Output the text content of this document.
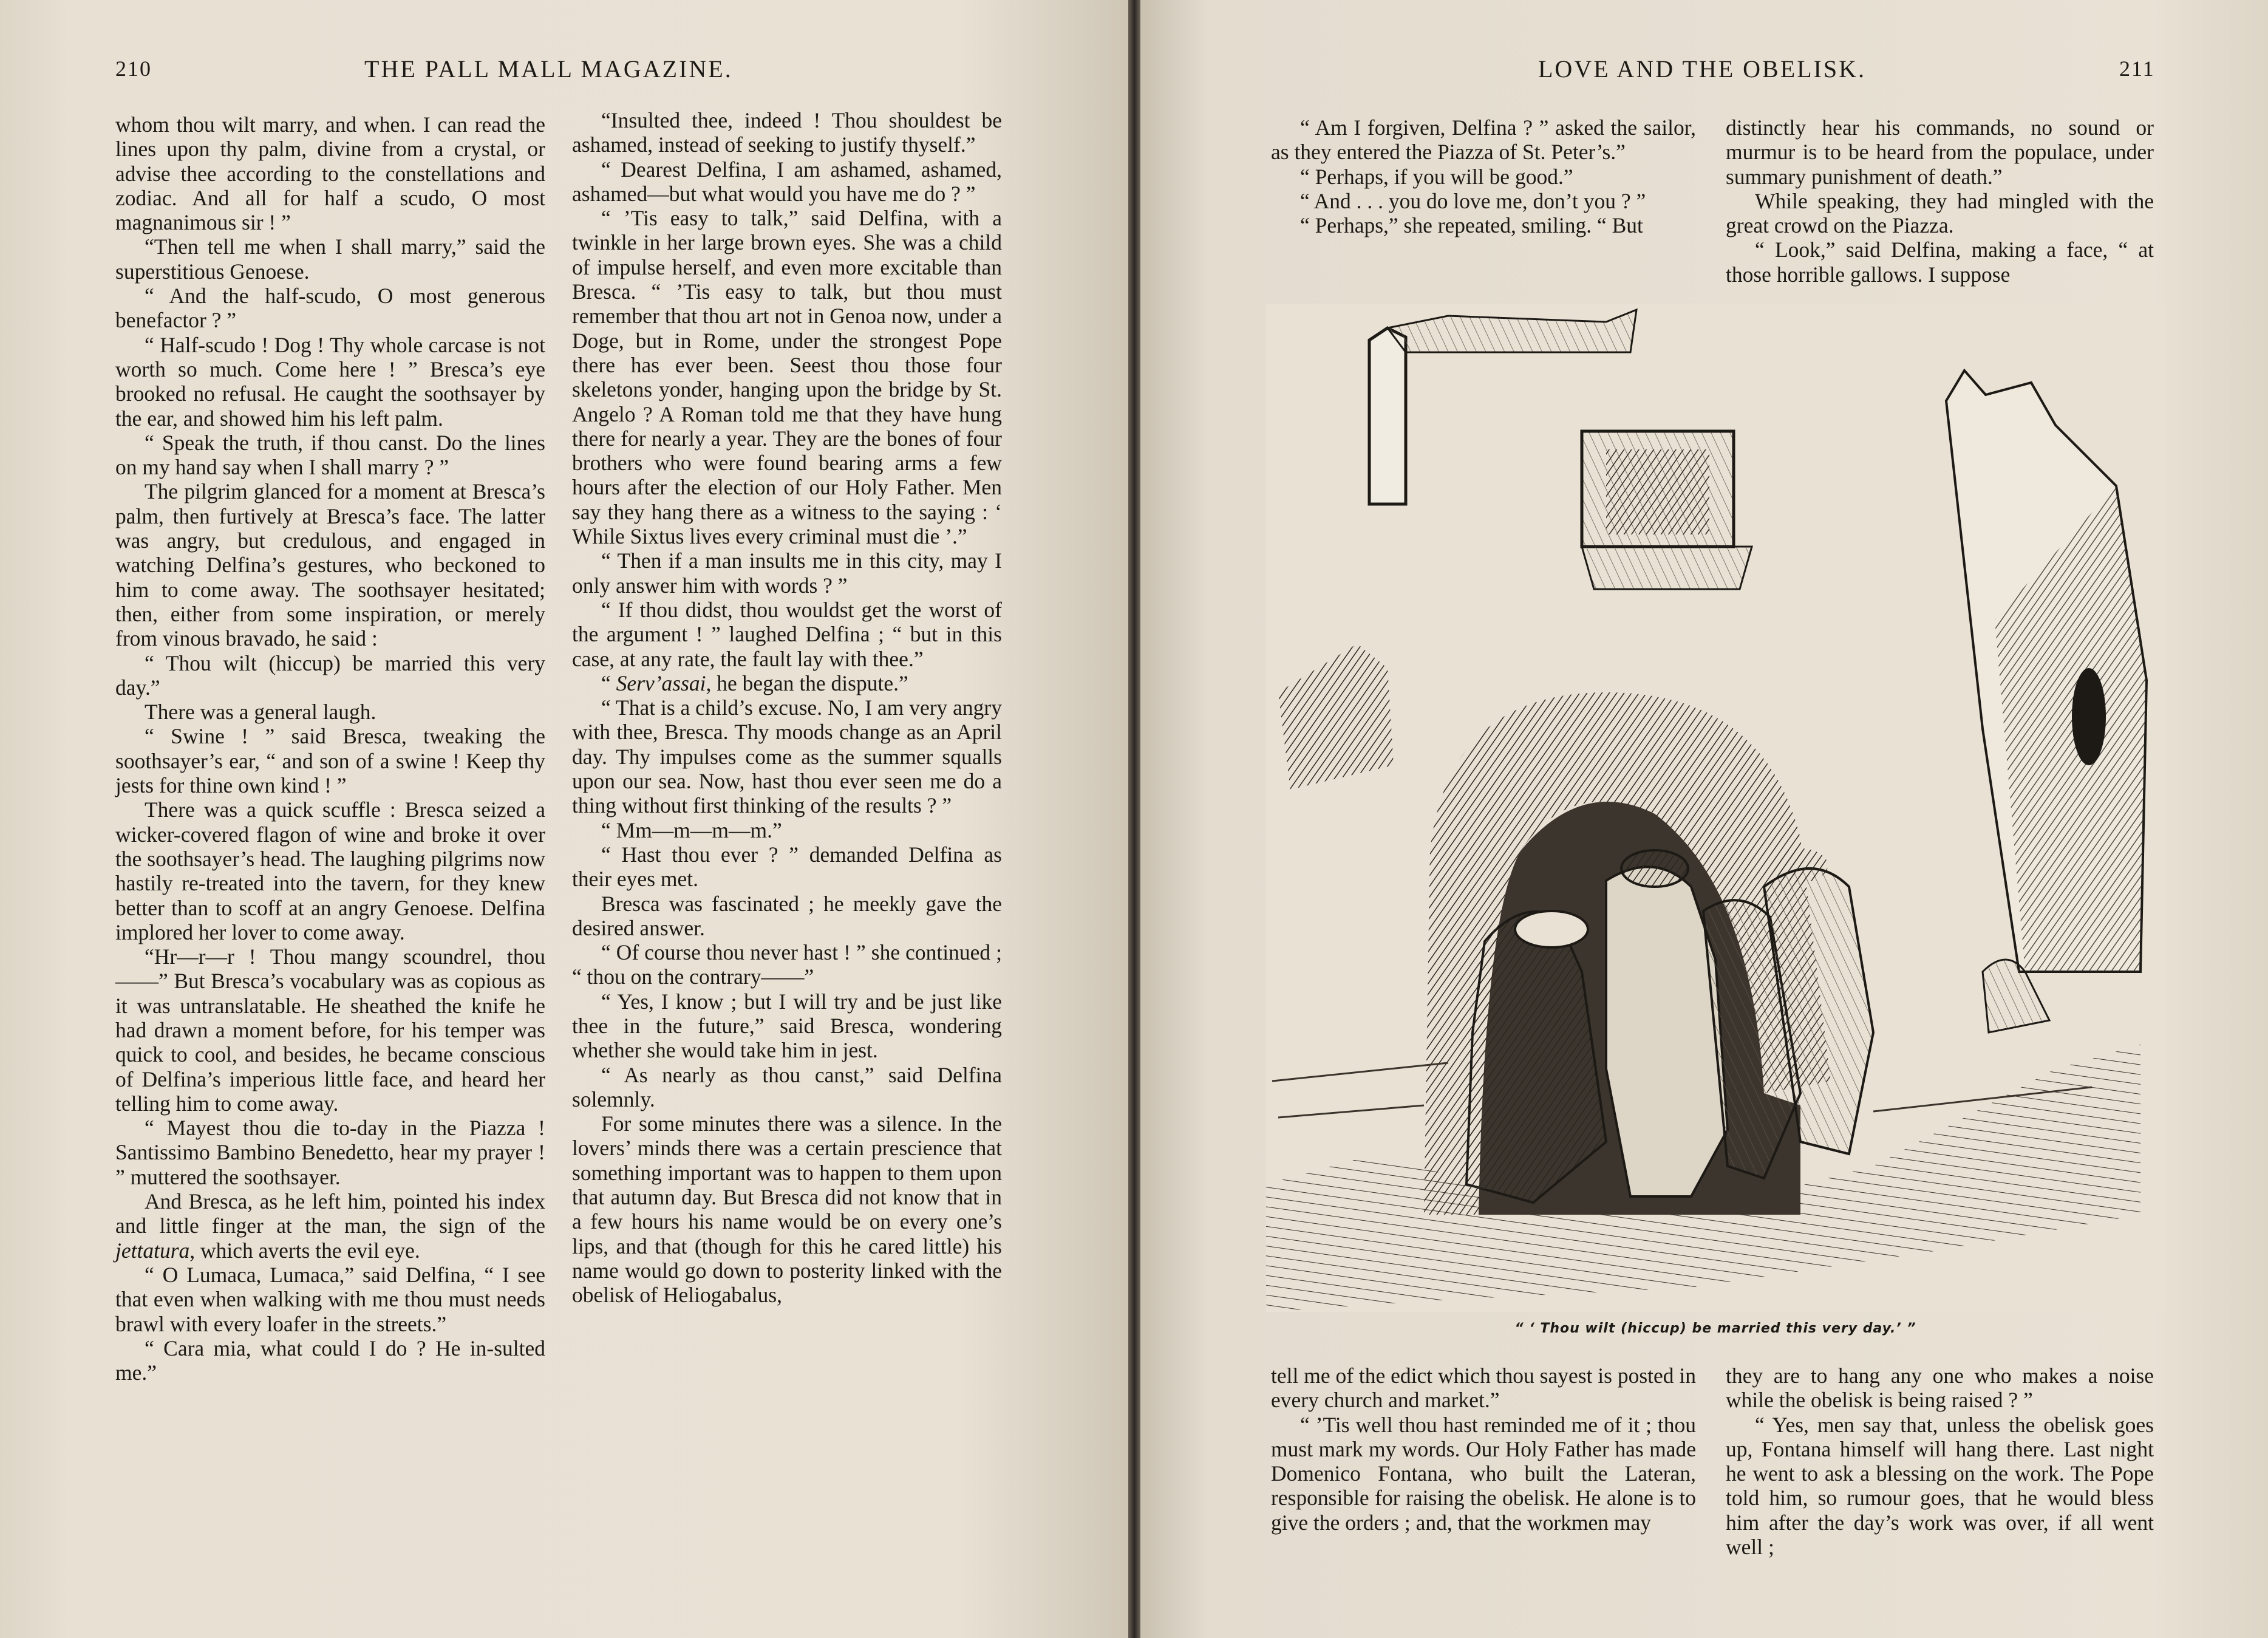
210	THE PALL MALL MAGAZINE.

whom thou wilt marry, and when. I can read the lines upon thy palm, divine from a crystal, or advise thee according to the constellations and zodiac. And all for half a scudo, O most magnanimous sir ! ”

“Then tell me when I shall marry,” said the superstitious Genoese.

“ And the half-scudo, O most generous benefactor ? ”

“ Half-scudo ! Dog ! Thy whole carcase is not worth so much. Come here ! ” Bresca’s eye brooked no refusal. He caught the soothsayer by the ear, and showed him his left palm.

“ Speak the truth, if thou canst. Do the lines on my hand say when I shall marry ? ”

The pilgrim glanced for a moment at Bresca’s palm, then furtively at Bresca’s face. The latter was angry, but credulous, and engaged in watching Delfina’s gestures, who beckoned to him to come away. The soothsayer hesitated; then, either from some inspiration, or merely from vinous bravado, he said :

“ Thou wilt (hiccup) be married this very day.”

There was a general laugh.

“ Swine ! ” said Bresca, tweaking the soothsayer’s ear, “ and son of a swine ! Keep thy jests for thine own kind ! ”

There was a quick scuffle : Bresca seized a wicker-covered flagon of wine and broke it over the soothsayer’s head. The laughing pilgrims now hastily re-treated into the tavern, for they knew better than to scoff at an angry Genoese. Delfina implored her lover to come away.

“Hr—r—r ! Thou mangy scoundrel, thou——” But Bresca’s vocabulary was as copious as it was untranslatable. He sheathed the knife he had drawn a moment before, for his temper was quick to cool, and besides, he became conscious of Delfina’s imperious little face, and heard her telling him to come away.

“ Mayest thou die to-day in the Piazza ! Santissimo Bambino Benedetto, hear my prayer ! ” muttered the soothsayer.

And Bresca, as he left him, pointed his index and little finger at the man, the sign of the jettatura, which averts the evil eye.

“ O Lumaca, Lumaca,” said Delfina, “ I see that even when walking with me thou must needs brawl with every loafer in the streets.”

“ Cara mia, what could I do ? He in-sulted me.”

“Insulted thee, indeed ! Thou shouldest be ashamed, instead of seeking to justify thyself.”

“ Dearest Delfina, I am ashamed, ashamed, ashamed—but what would you have me do ? ”

“ ’Tis easy to talk,” said Delfina, with a twinkle in her large brown eyes. She was a child of impulse herself, and even more excitable than Bresca. “ ’Tis easy to talk, but thou must remember that thou art not in Genoa now, under a Doge, but in Rome, under the strongest Pope there has ever been. Seest thou those four skeletons yonder, hanging upon the bridge by St. Angelo ? A Roman told me that they have hung there for nearly a year. They are the bones of four brothers who were found bearing arms a few hours after the election of our Holy Father. Men say they hang there as a witness to the saying : ‘ While Sixtus lives every criminal must die ’.”

“ Then if a man insults me in this city, may I only answer him with words ? ”

“ If thou didst, thou wouldst get the worst of the argument ! ” laughed Delfina ; “ but in this case, at any rate, the fault lay with thee.”

“ Serv’assai, he began the dispute.”

“ That is a child’s excuse. No, I am very angry with thee, Bresca. Thy moods change as an April day. Thy impulses come as the summer squalls upon our sea. Now, hast thou ever seen me do a thing without first thinking of the results ? ”

“ Mm—m—m—m.”

“ Hast thou ever ? ” demanded Delfina as their eyes met.

Bresca was fascinated ; he meekly gave the desired answer.

“ Of course thou never hast ! ” she continued ; “ thou on the contrary——”

“ Yes, I know ; but I will try and be just like thee in the future,” said Bresca, wondering whether she would take him in jest.

“ As nearly as thou canst,” said Delfina solemnly.

For some minutes there was a silence. In the lovers’ minds there was a certain prescience that something important was to happen to them upon that autumn day. But Bresca did not know that in a few hours his name would be on every one’s lips, and that (though for this he cared little) his name would go down to posterity linked with the obelisk of Heliogabalus,

LOVE AND THE OBELISK.	211

“ Am I forgiven, Delfina ? ” asked the sailor, as they entered the Piazza of St. Peter’s.”

“ Perhaps, if you will be good.”

“ And . . . you do love me, don’t you ? ”

“ Perhaps,” she repeated, smiling. “ But

distinctly hear his commands, no sound or murmur is to be heard from the populace, under summary punishment of death.”

While speaking, they had mingled with the great crowd on the Piazza.

“ Look,” said Delfina, making a face, “ at those horrible gallows. I suppose

“ ‘ Thou wilt (hiccup) be married this very day.’ ”

tell me of the edict which thou sayest is posted in every church and market.”

“ ’Tis well thou hast reminded me of it ; thou must mark my words. Our Holy Father has made Domenico Fontana, who built the Lateran, responsible for raising the obelisk. He alone is to give the orders ; and, that the workmen may

they are to hang any one who makes a noise while the obelisk is being raised ? ”

“ Yes, men say that, unless the obelisk goes up, Fontana himself will hang there. Last night he went to ask a blessing on the work. The Pope told him, so rumour goes, that he would bless him after the day’s work was over, if all went well ;
